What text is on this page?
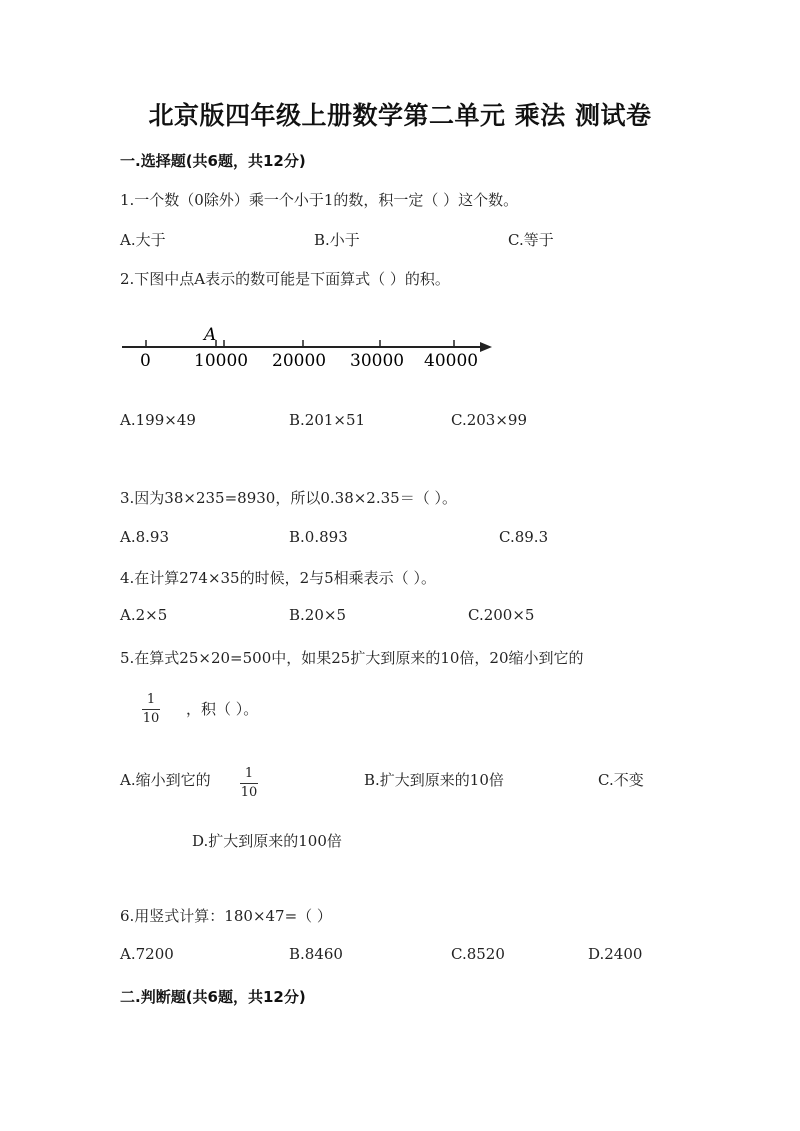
北京版四年级上册数学第二单元 乘法 测试卷
一.选择题(共6题，共12分)
1.一个数（0除外）乘一个小于1的数，积一定（ ）这个数。
A.大于	B.小于	C.等于
2.下图中点A表示的数可能是下面算式（ ）的积。
A
0	10000 20000 30000 40000
A.199×49	B.201×51	C.203×99
3.因为38×235=8930，所以0.38×2.35＝（ ）。
A.8.93	B.0.893	C.89.3
4.在计算274×35的时候，2与5相乘表示（ ）。
A.2×5	B.20×5	C.200×5
5.在算式25×20=500中，如果25扩大到原来的10倍，20缩小到它的
$\frac{1}{10}$ ，积（ ）。
A.缩小到它的 $\frac{1}{10}$	B.扩大到原来的10倍	C.不变
D.扩大到原来的100倍
6.用竖式计算：180×47=（ ）
A.7200	B.8460	C.8520	D.2400
二.判断题(共6题，共12分)
